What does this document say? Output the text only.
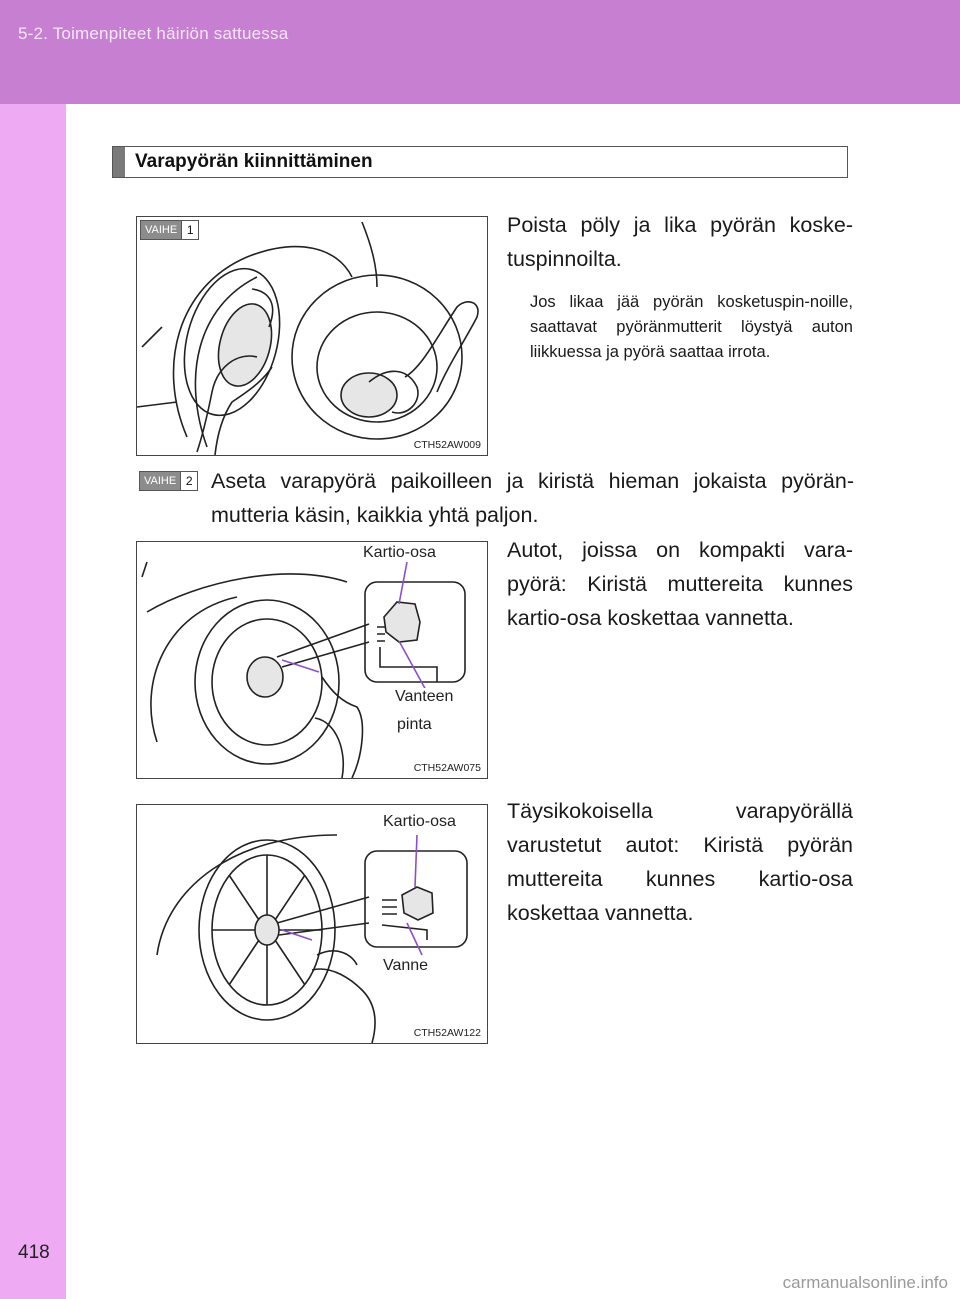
5-2. Toimenpiteet häiriön sattuessa
418
Varapyörän kiinnittäminen
VAIHE 1
CTH52AW009
Poista pöly ja lika pyörän koske-tuspinnoilta.
Jos likaa jää pyörän kosketuspin-noille, saattavat pyöränmutterit löystyä auton liikkuessa ja pyörä saattaa irrota.
VAIHE 2 Aseta varapyörä paikoilleen ja kiristä hieman jokaista pyörän-mutteria käsin, kaikkia yhtä paljon.
Kartio-osa
Vanteen
pinta
CTH52AW075
Autot, joissa on kompakti vara-pyörä: Kiristä muttereita kunnes kartio-osa koskettaa vannetta.
Kartio-osa
Vanne
CTH52AW122
Täysikokoisella varapyörällä varustetut autot: Kiristä pyörän muttereita kunnes kartio-osa koskettaa vannetta.
carmanualsonline.info
